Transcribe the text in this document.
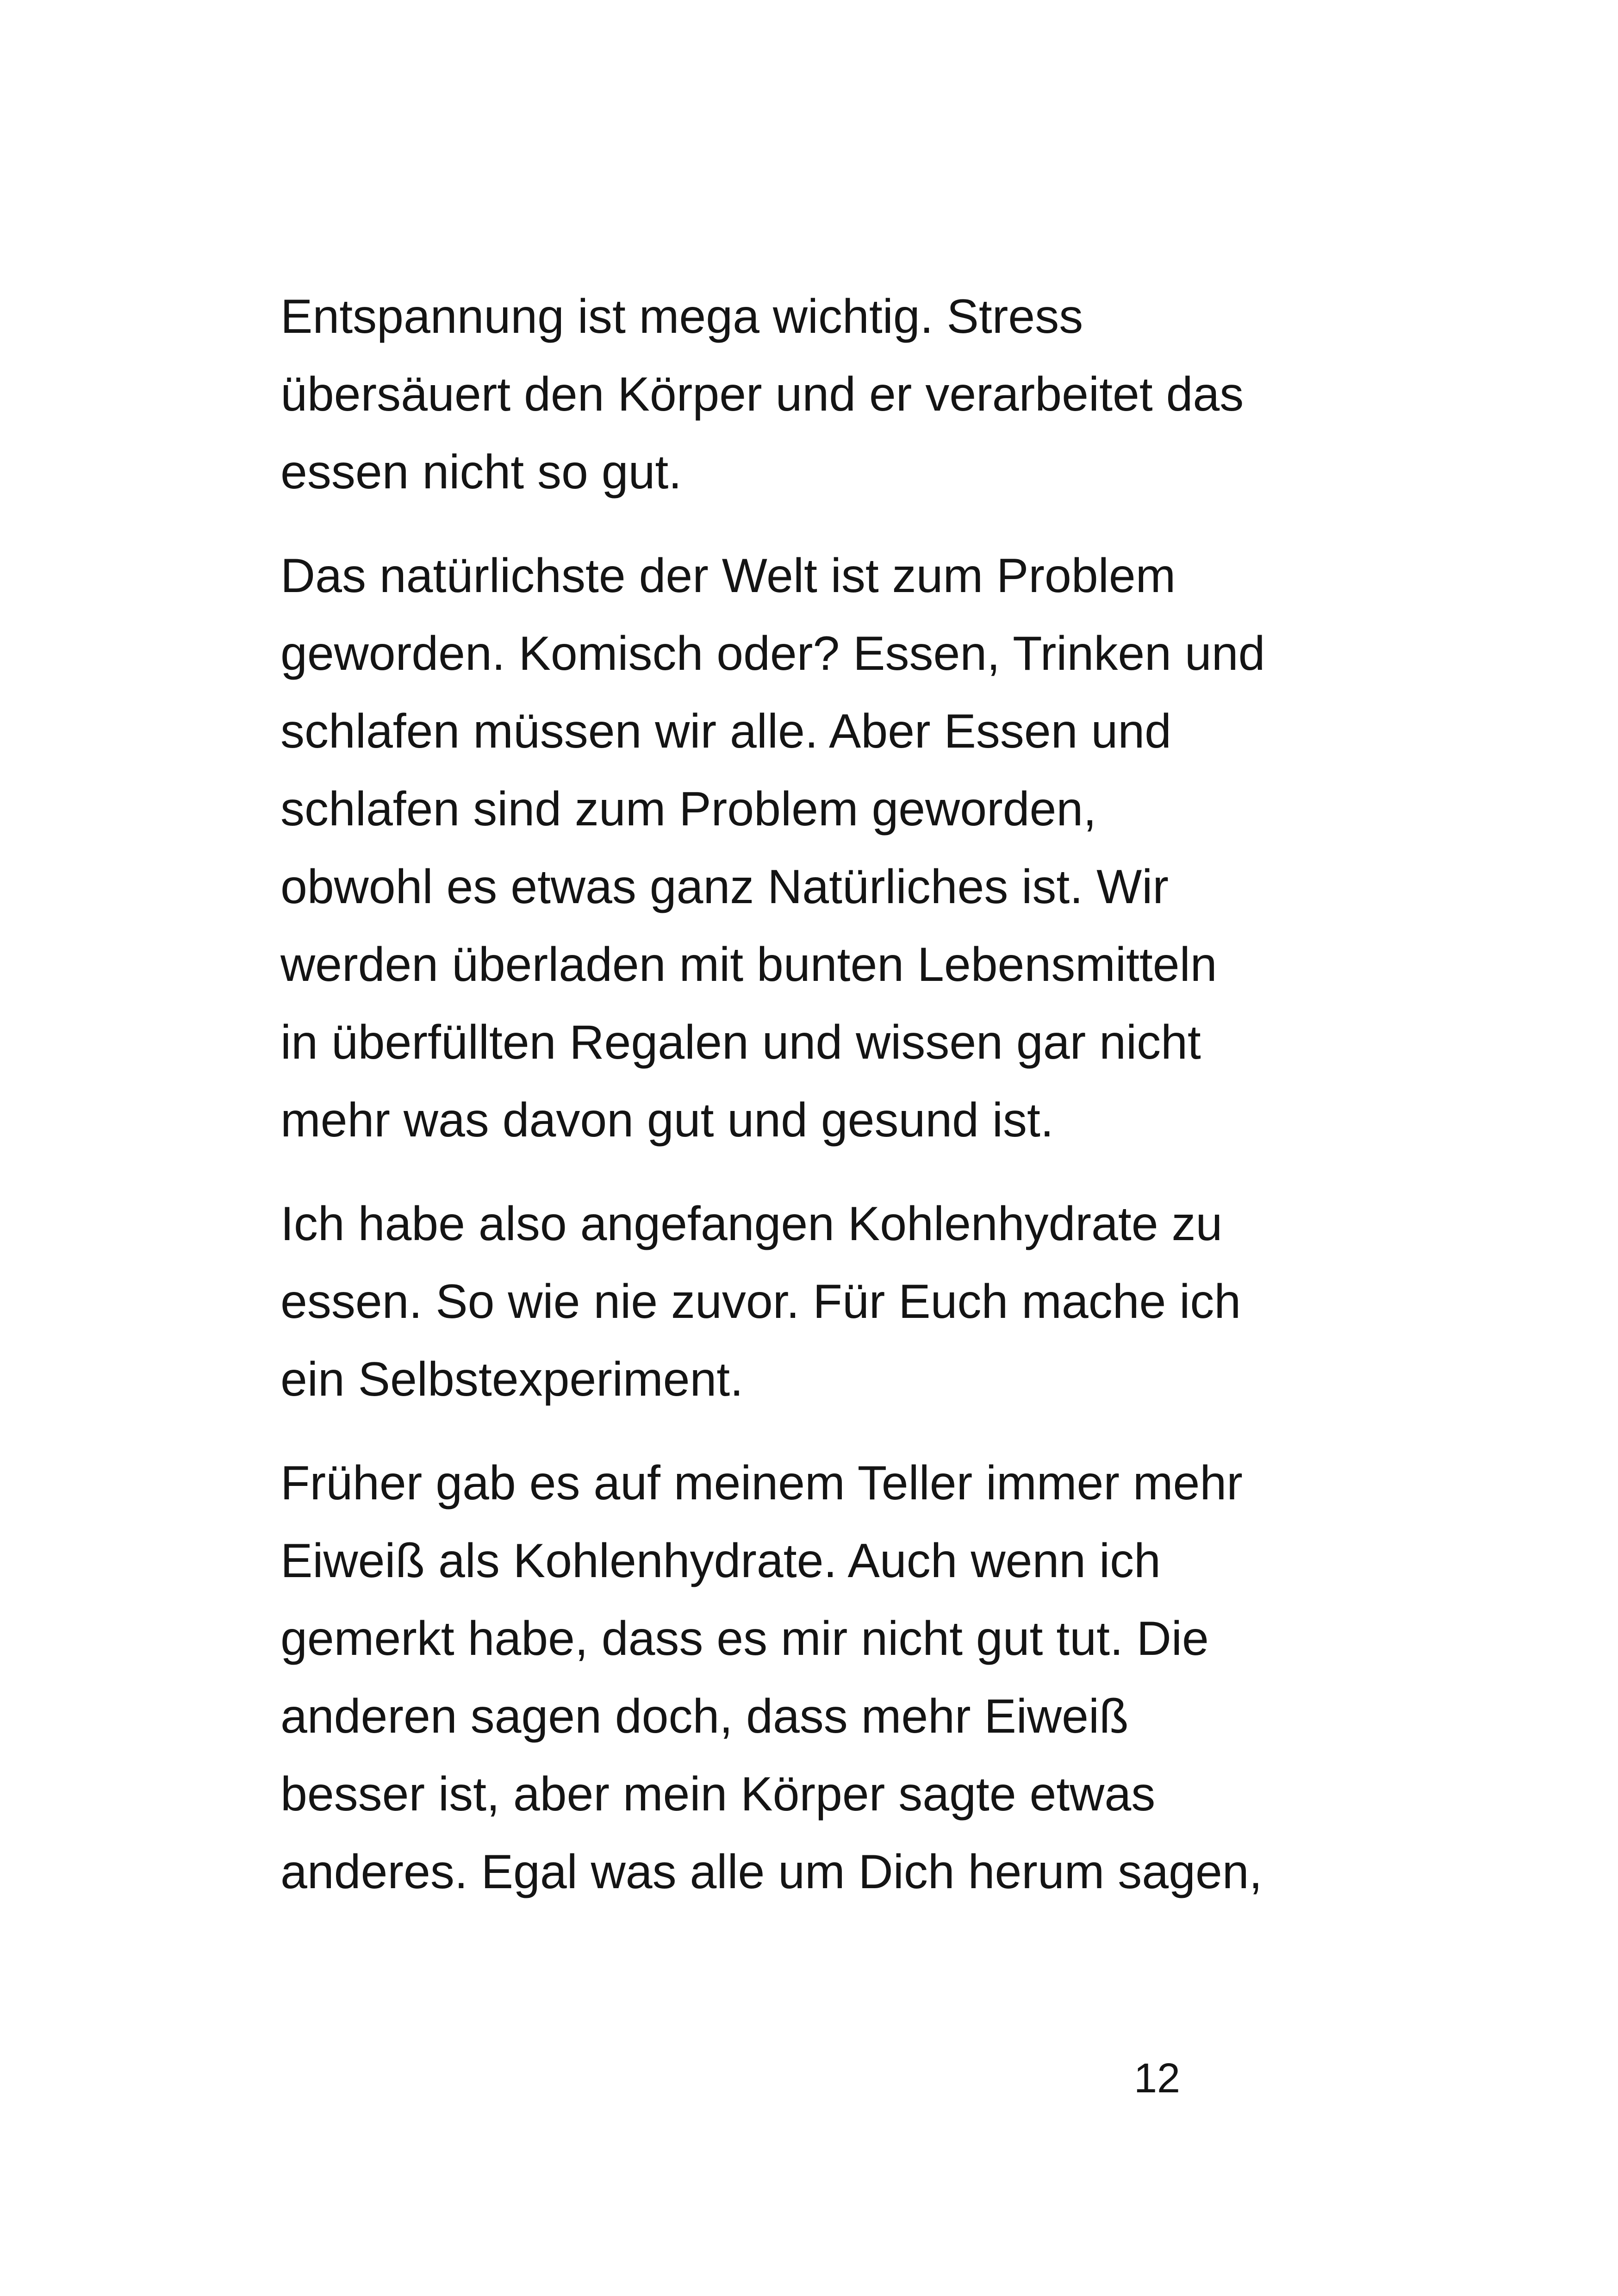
Entspannung ist mega wichtig. Stress
übersäuert den Körper und er verarbeitet das
essen nicht so gut.

Das natürlichste der Welt ist zum Problem
geworden. Komisch oder? Essen, Trinken und
schlafen müssen wir alle. Aber Essen und
schlafen sind zum Problem geworden,
obwohl es etwas ganz Natürliches ist. Wir
werden überladen mit bunten Lebensmitteln
in überfüllten Regalen und wissen gar nicht
mehr was davon gut und gesund ist.

Ich habe also angefangen Kohlenhydrate zu
essen. So wie nie zuvor. Für Euch mache ich
ein Selbstexperiment.

Früher gab es auf meinem Teller immer mehr
Eiweiß als Kohlenhydrate. Auch wenn ich
gemerkt habe, dass es mir nicht gut tut. Die
anderen sagen doch, dass mehr Eiweiß
besser ist, aber mein Körper sagte etwas
anderes. Egal was alle um Dich herum sagen,

12
